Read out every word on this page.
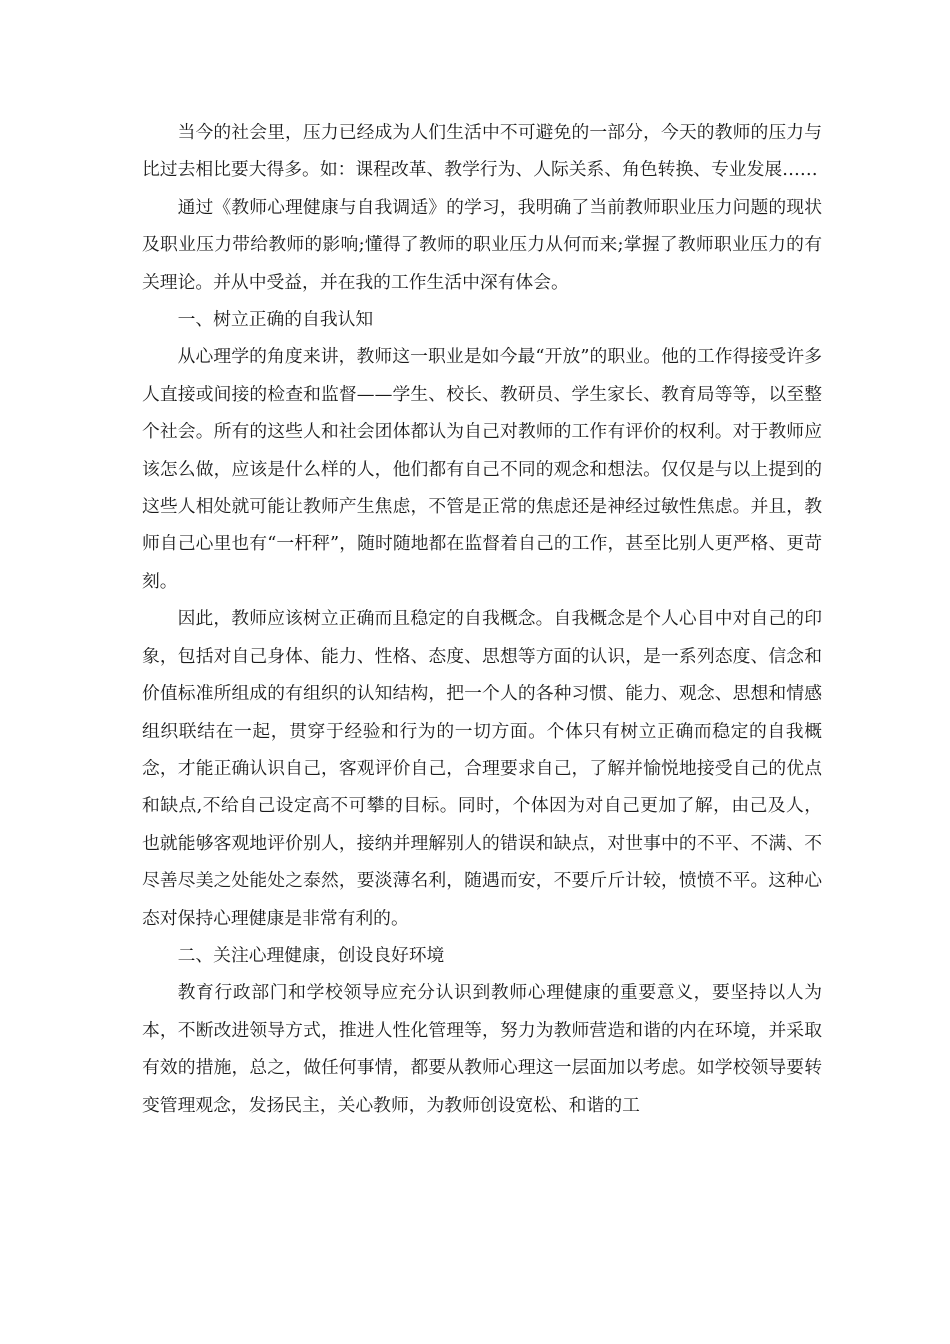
当今的社会里，压力已经成为人们生活中不可避免的一部分，今天的教师的压力与比过去相比要大得多。如：课程改革、教学行为、人际关系、角色转换、专业发展……

通过《教师心理健康与自我调适》的学习，我明确了当前教师职业压力问题的现状及职业压力带给教师的影响;懂得了教师的职业压力从何而来;掌握了教师职业压力的有关理论。并从中受益，并在我的工作生活中深有体会。

一、树立正确的自我认知

从心理学的角度来讲，教师这一职业是如今最“开放”的职业。他的工作得接受许多人直接或间接的检查和监督——学生、校长、教研员、学生家长、教育局等等，以至整个社会。所有的这些人和社会团体都认为自己对教师的工作有评价的权利。对于教师应该怎么做，应该是什么样的人，他们都有自己不同的观念和想法。仅仅是与以上提到的这些人相处就可能让教师产生焦虑，不管是正常的焦虑还是神经过敏性焦虑。并且，教师自己心里也有“一杆秤”，随时随地都在监督着自己的工作，甚至比别人更严格、更苛刻。

因此，教师应该树立正确而且稳定的自我概念。自我概念是个人心目中对自己的印象，包括对自己身体、能力、性格、态度、思想等方面的认识，是一系列态度、信念和价值标准所组成的有组织的认知结构，把一个人的各种习惯、能力、观念、思想和情感组织联结在一起，贯穿于经验和行为的一切方面。个体只有树立正确而稳定的自我概念，才能正确认识自己，客观评价自己，合理要求自己，了解并愉悦地接受自己的优点和缺点,不给自己设定高不可攀的目标。同时，个体因为对自己更加了解，由己及人，也就能够客观地评价别人，接纳并理解别人的错误和缺点，对世事中的不平、不满、不尽善尽美之处能处之泰然，要淡薄名利，随遇而安，不要斤斤计较，愤愤不平。这种心态对保持心理健康是非常有利的。

二、关注心理健康，创设良好环境

教育行政部门和学校领导应充分认识到教师心理健康的重要意义，要坚持以人为本，不断改进领导方式，推进人性化管理等，努力为教师营造和谐的内在环境，并采取有效的措施，总之，做任何事情，都要从教师心理这一层面加以考虑。如学校领导要转变管理观念，发扬民主，关心教师，为教师创设宽松、和谐的工
